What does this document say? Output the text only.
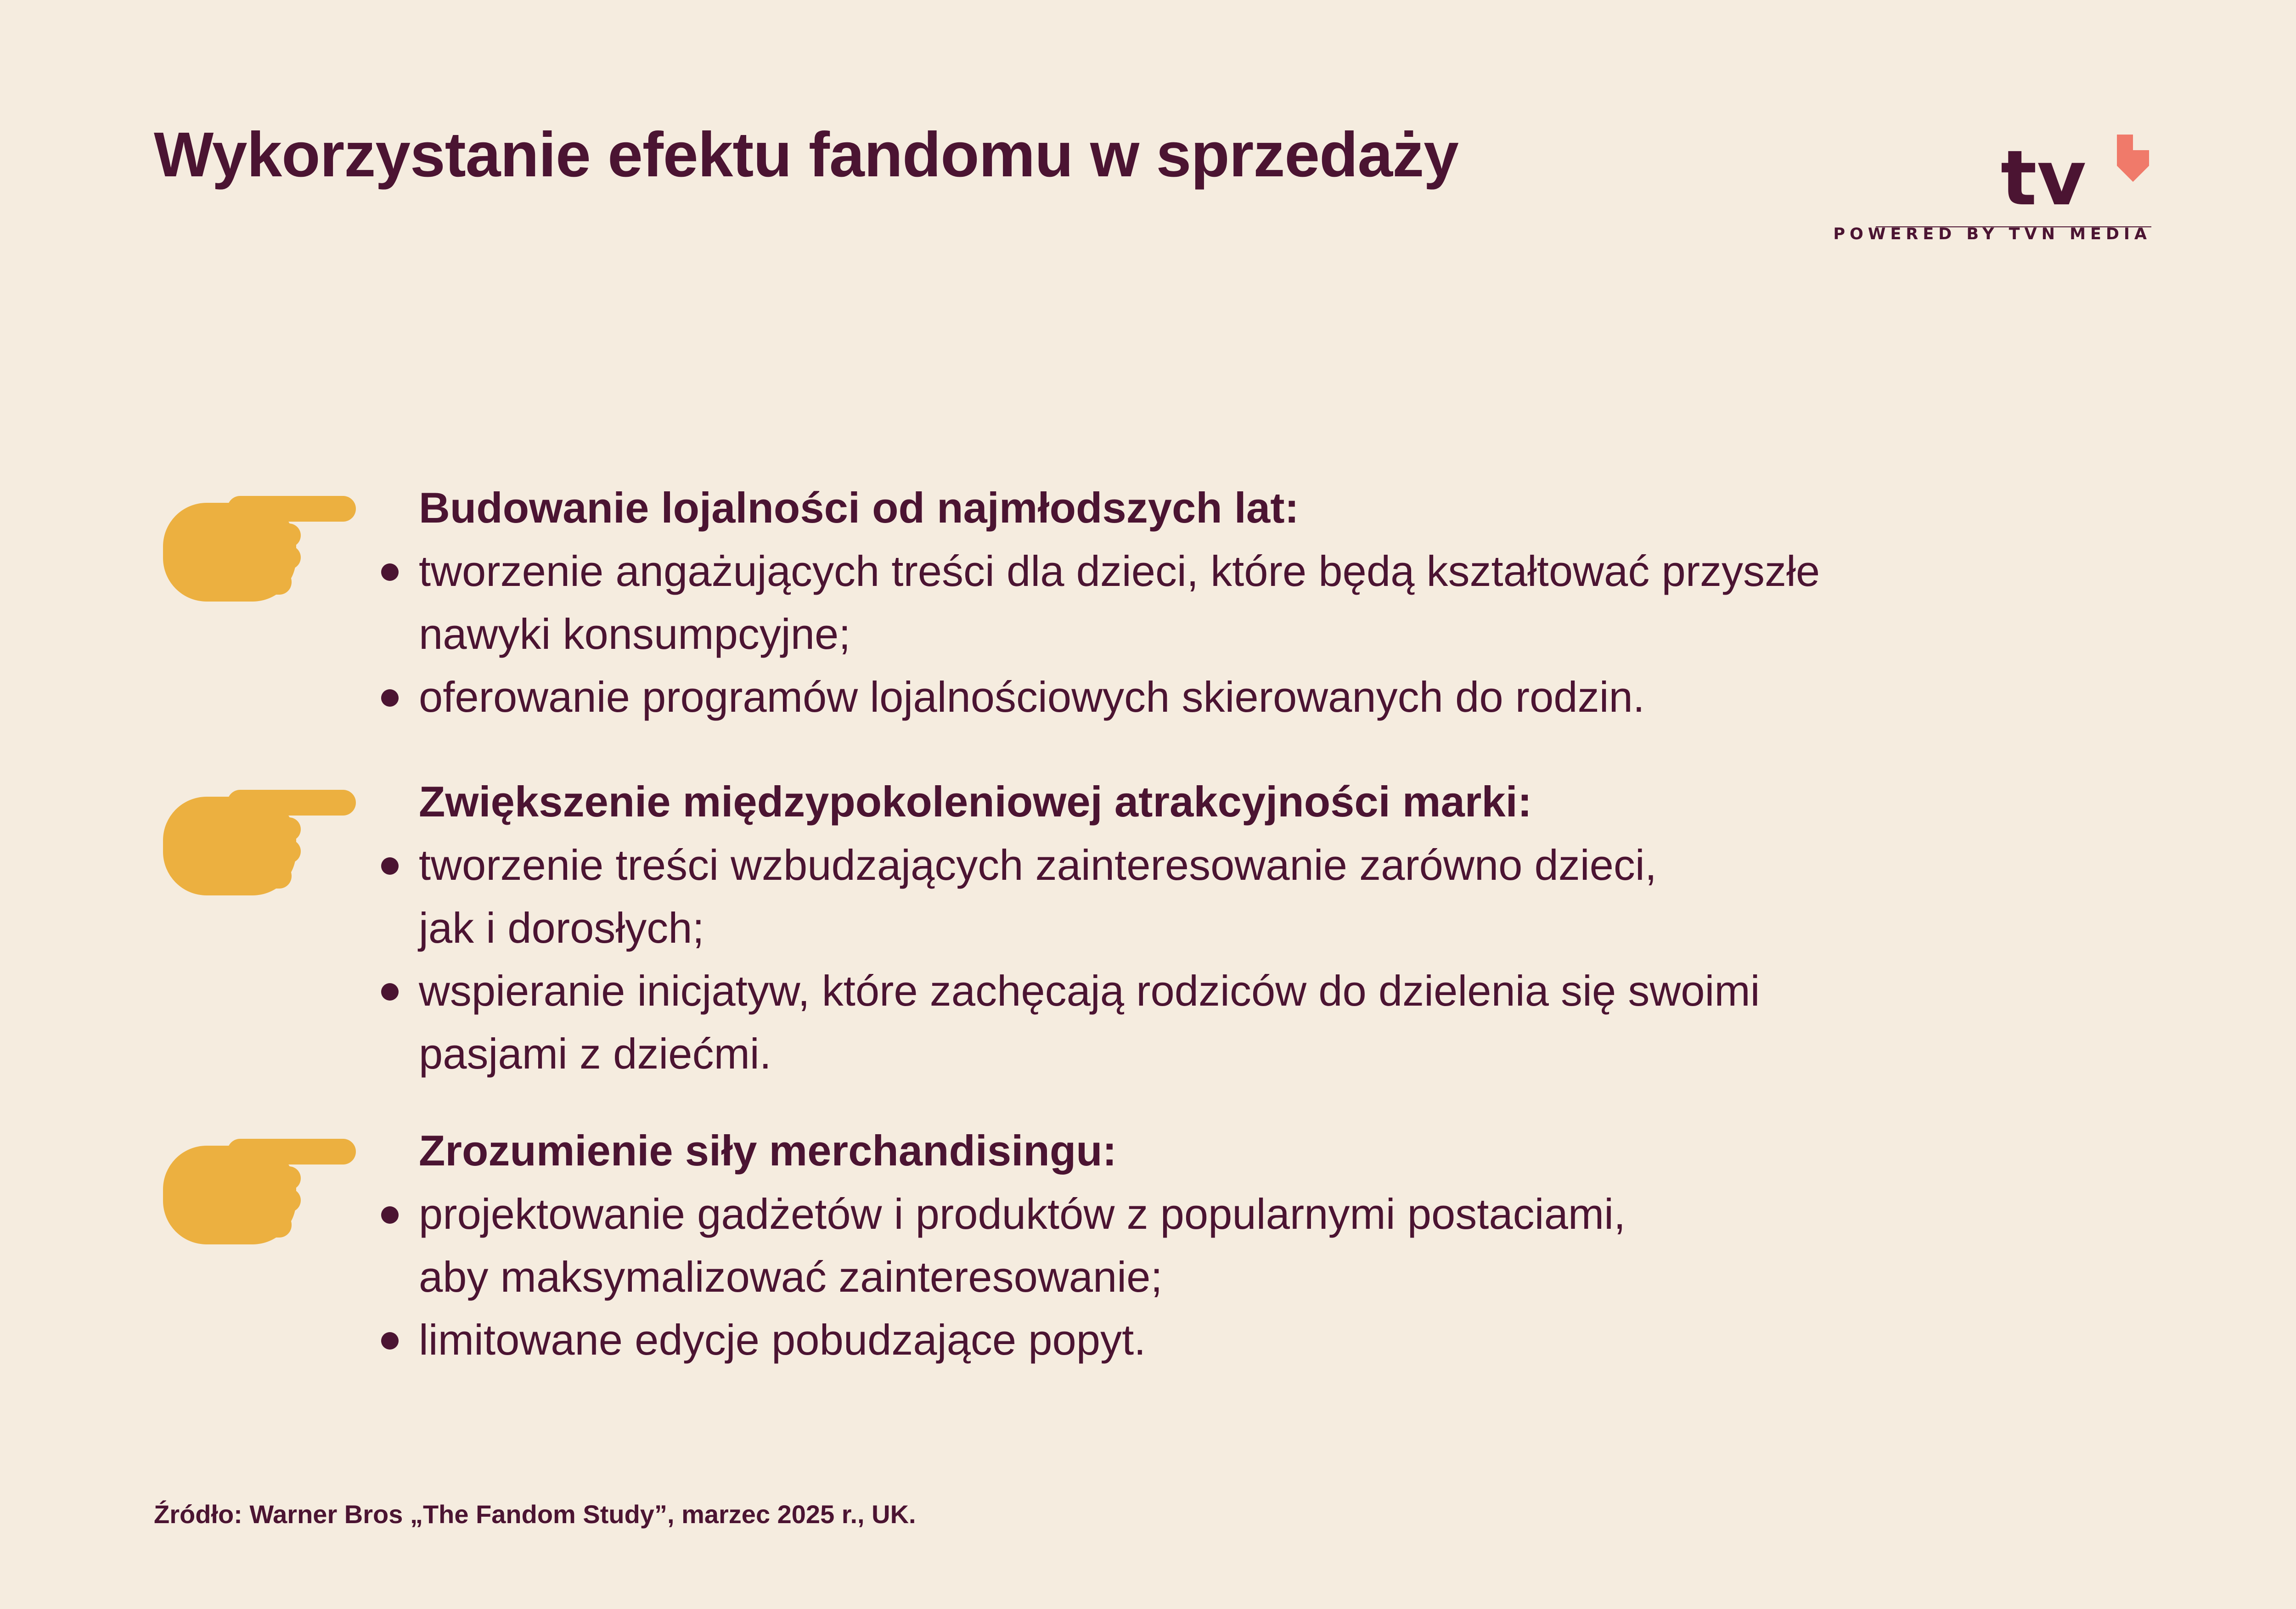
Wykorzystanie efektu fandomu w sprzedaży	tv
POWERED BY TVN MEDIA
Budowanie lojalności od najmłodszych lat:
tworzenie angażujących treści dla dzieci, które będą kształtować przyszłe
nawyki konsumpcyjne;
oferowanie programów lojalnościowych skierowanych do rodzin.
Zwiększenie międzypokoleniowej atrakcyjności marki:
tworzenie treści wzbudzających zainteresowanie zarówno dzieci,
jak i dorosłych;
wspieranie inicjatyw, które zachęcają rodziców do dzielenia się swoimi
pasjami z dziećmi.
Zrozumienie siły merchandisingu:
projektowanie gadżetów i produktów z popularnymi postaciami,
aby maksymalizować zainteresowanie;
limitowane edycje pobudzające popyt.
Źródło: Warner Bros „The Fandom Study”, marzec 2025 r., UK.
